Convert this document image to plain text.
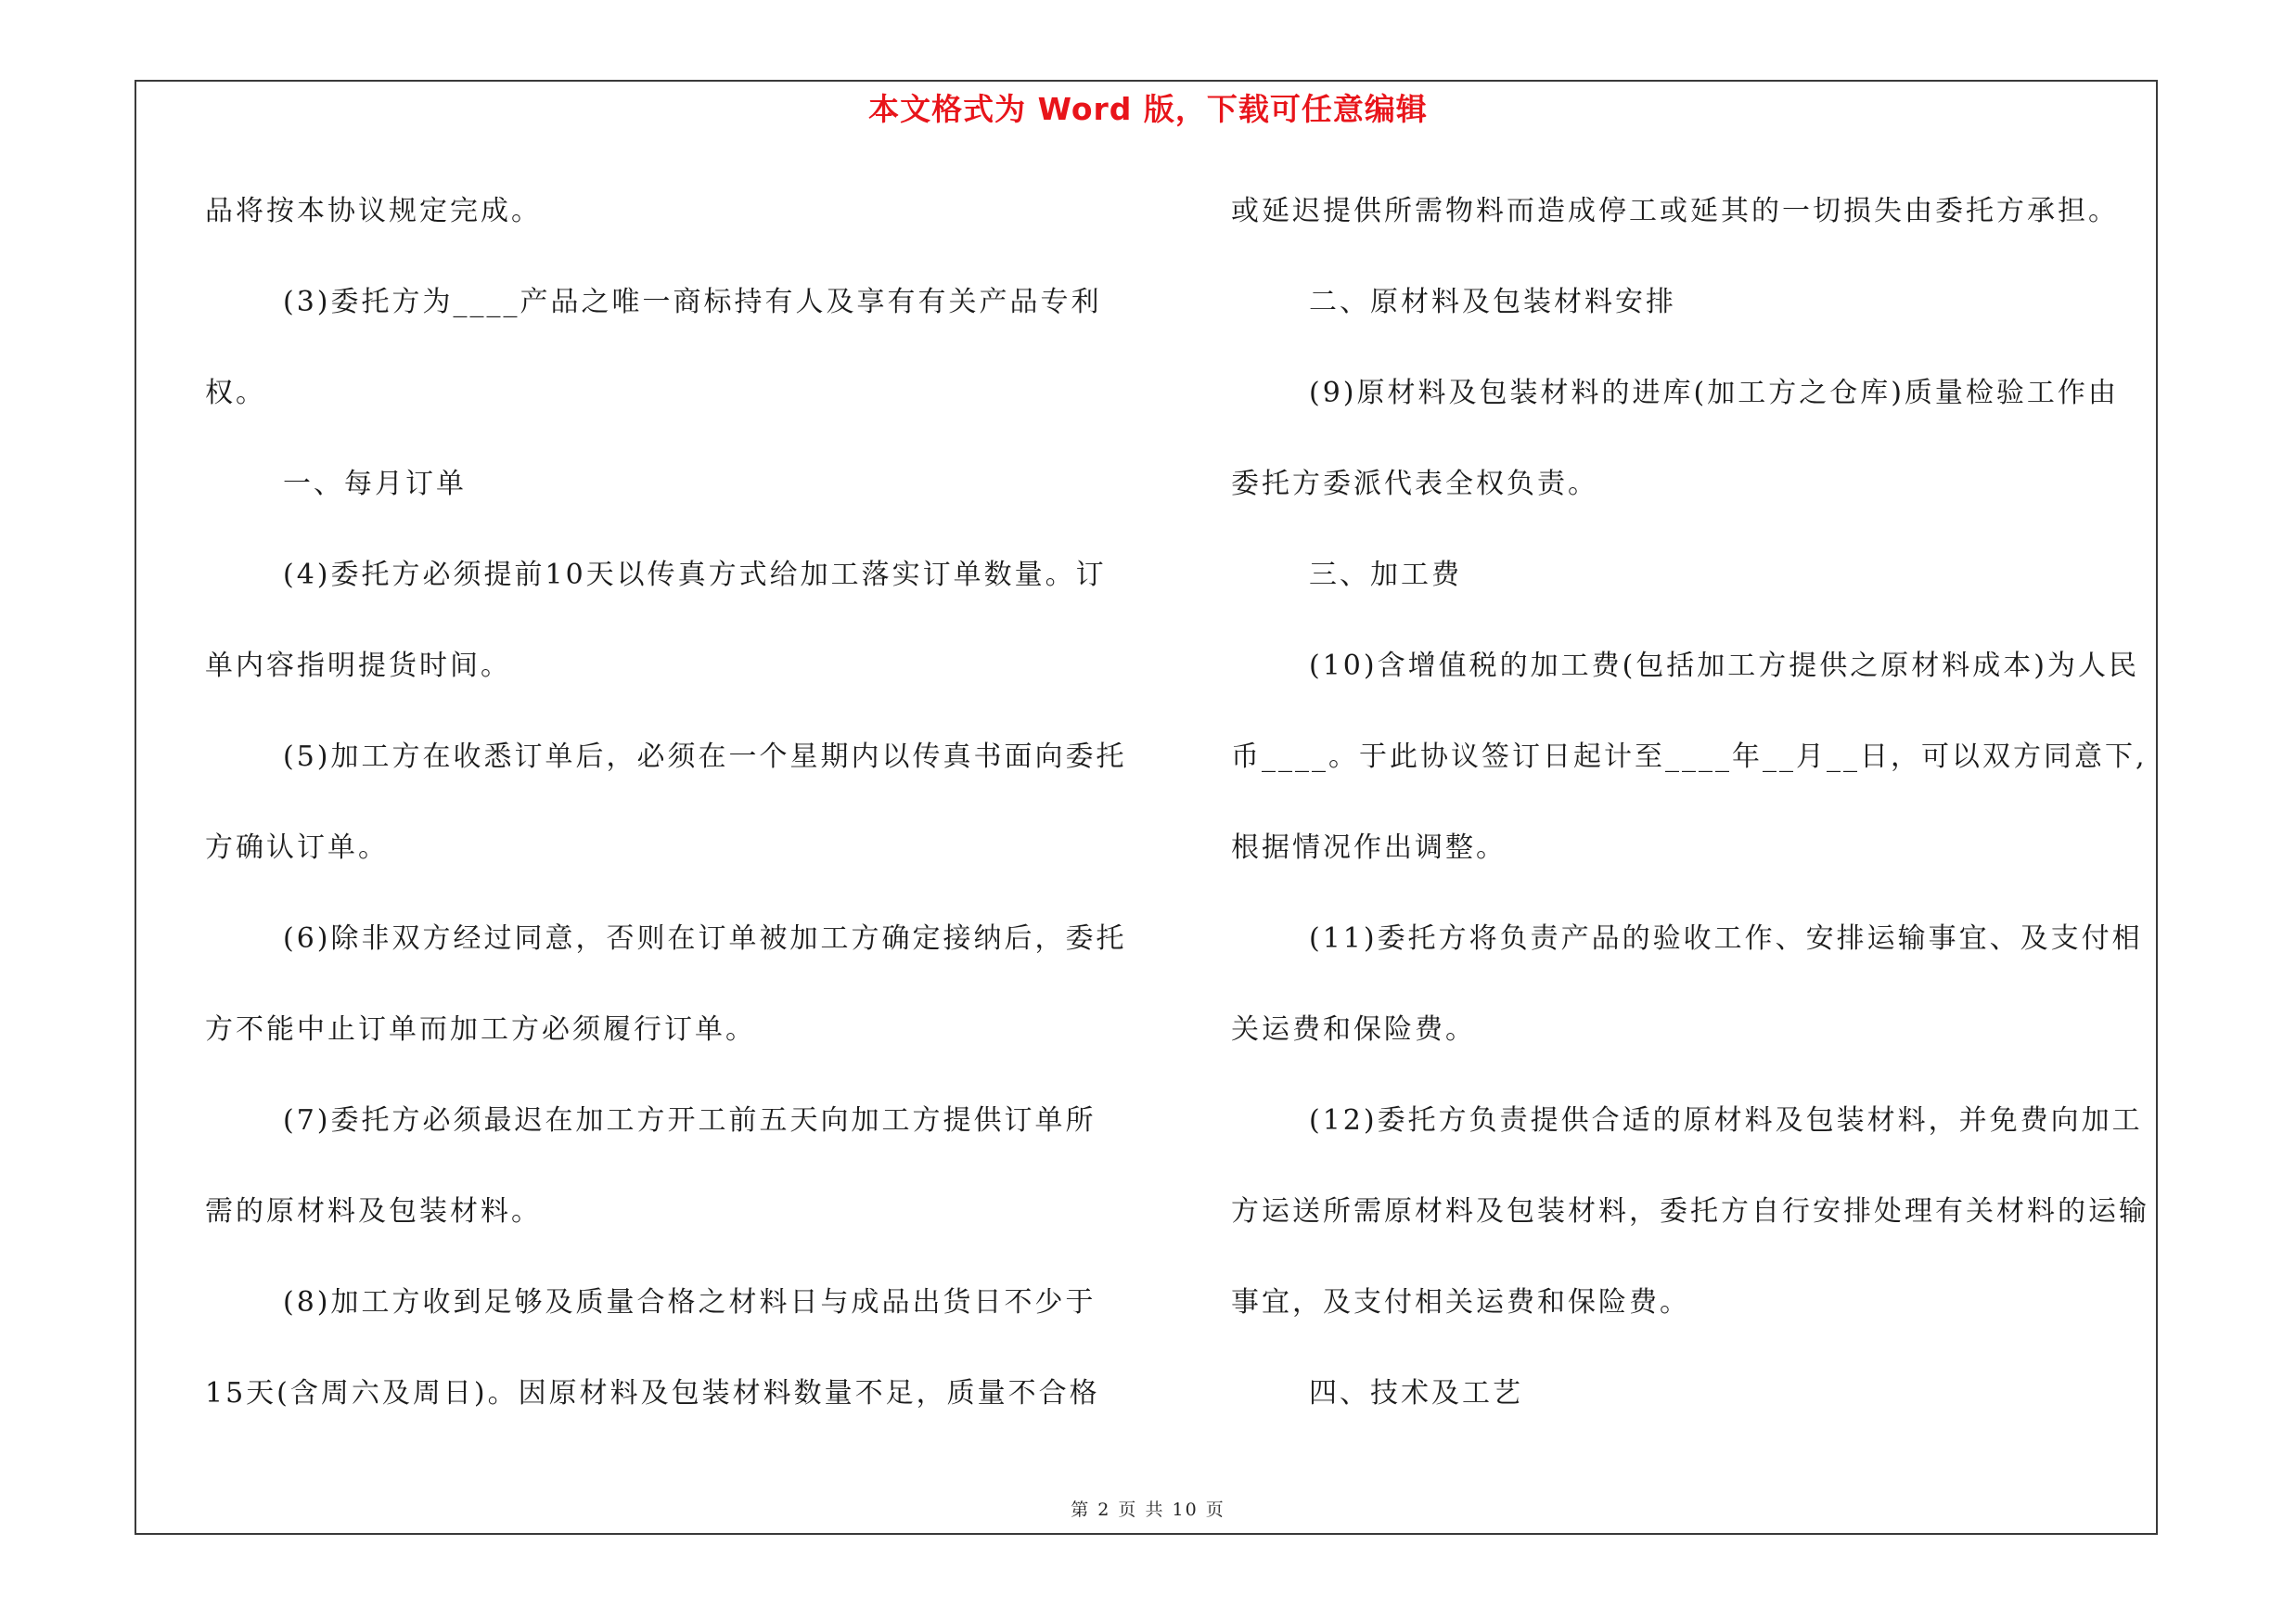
本文格式为 Word 版，下载可任意编辑
品将按本协议规定完成。
(3)委托方为____产品之唯一商标持有人及享有有关产品专利
权。
一、每月订单
(4)委托方必须提前10天以传真方式给加工落实订单数量。订
单内容指明提货时间。
(5)加工方在收悉订单后，必须在一个星期内以传真书面向委托
方确认订单。
(6)除非双方经过同意，否则在订单被加工方确定接纳后，委托
方不能中止订单而加工方必须履行订单。
(7)委托方必须最迟在加工方开工前五天向加工方提供订单所
需的原材料及包装材料。
(8)加工方收到足够及质量合格之材料日与成品出货日不少于
15天(含周六及周日)。因原材料及包装材料数量不足，质量不合格
或延迟提供所需物料而造成停工或延其的一切损失由委托方承担。
二、原材料及包装材料安排
(9)原材料及包装材料的进库(加工方之仓库)质量检验工作由
委托方委派代表全权负责。
三、加工费
(10)含增值税的加工费(包括加工方提供之原材料成本)为人民
币____。于此协议签订日起计至____年__月__日，可以双方同意下,
根据情况作出调整。
(11)委托方将负责产品的验收工作、安排运输事宜、及支付相
关运费和保险费。
(12)委托方负责提供合适的原材料及包装材料，并免费向加工
方运送所需原材料及包装材料，委托方自行安排处理有关材料的运输
事宜，及支付相关运费和保险费。
四、技术及工艺
第 2 页 共 10 页
